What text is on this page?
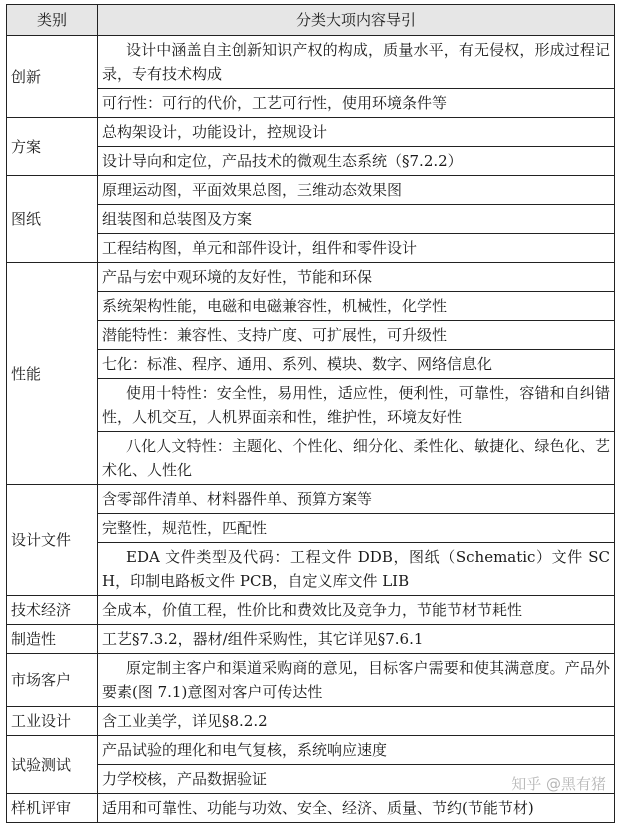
类别	分类大项内容导引
创新	设计中涵盖自主创新知识产权的构成，质量水平，有无侵权，形成过程记录，专有技术构成
	可行性：可行的代价，工艺可行性，使用环境条件等
方案	总构架设计，功能设计，控规设计
	设计导向和定位，产品技术的微观生态系统（§7.2.2）
图纸	原理运动图，平面效果总图，三维动态效果图
	组装图和总装图及方案
	工程结构图，单元和部件设计，组件和零件设计
性能	产品与宏中观环境的友好性，节能和环保
	系统架构性能，电磁和电磁兼容性，机械性，化学性
	潜能特性：兼容性、支持广度、可扩展性，可升级性
	七化：标准、程序、通用、系列、模块、数字、网络信息化
	使用十特性：安全性，易用性，适应性，便利性，可靠性，容错和自纠错性，人机交互，人机界面亲和性，维护性，环境友好性
	八化人文特性：主题化、个性化、细分化、柔性化、敏捷化、绿色化、艺术化、人性化
设计文件	含零部件清单、材料器件单、预算方案等
	完整性，规范性，匹配性
	EDA 文件类型及代码：工程文件 DDB，图纸（Schematic）文件 SCH，印制电路板文件 PCB，自定义库文件 LIB
技术经济	全成本，价值工程，性价比和费效比及竞争力，节能节材节耗性
制造性	工艺§7.3.2，器材/组件采购性，其它详见§7.6.1
市场客户	原定制主客户和渠道采购商的意见，目标客户需要和使其满意度。产品外要素(图 7.1)意图对客户可传达性
工业设计	含工业美学，详见§8.2.2
试验测试	产品试验的理化和电气复核，系统响应速度
	力学校核，产品数据验证
样机评审	适用和可靠性、功能与功效、安全、经济、质量、节约(节能节材)
知乎 @黑有猪
